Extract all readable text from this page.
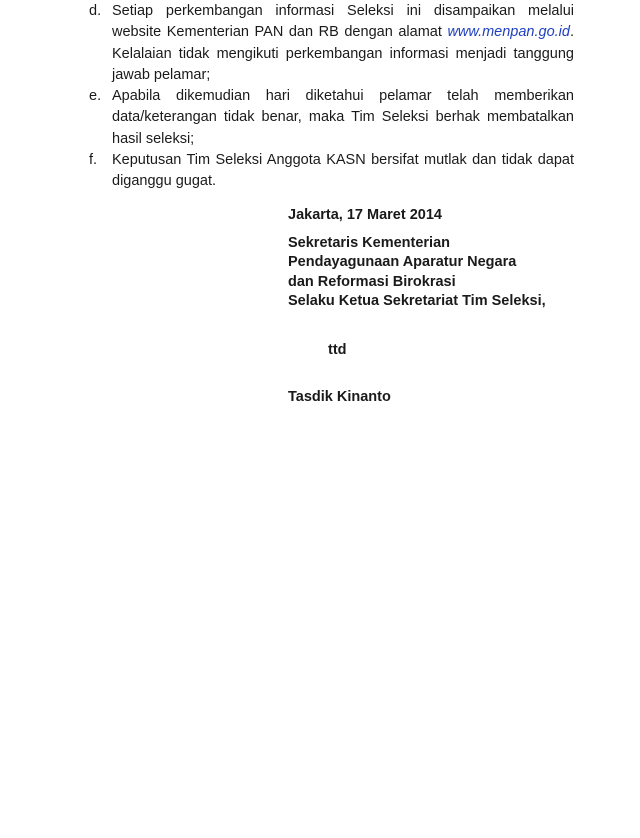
d. Setiap perkembangan informasi Seleksi ini disampaikan melalui website Kementerian PAN dan RB dengan alamat www.menpan.go.id. Kelalaian tidak mengikuti perkembangan informasi menjadi tanggung jawab pelamar;
e. Apabila dikemudian hari diketahui pelamar telah memberikan data/keterangan tidak benar, maka Tim Seleksi berhak membatalkan hasil seleksi;
f. Keputusan Tim Seleksi Anggota KASN bersifat mutlak dan tidak dapat diganggu gugat.

Jakarta, 17 Maret 2014

Sekretaris Kementerian
Pendayagunaan Aparatur Negara
dan Reformasi Birokrasi
Selaku Ketua Sekretariat Tim Seleksi,

ttd

Tasdik Kinanto
